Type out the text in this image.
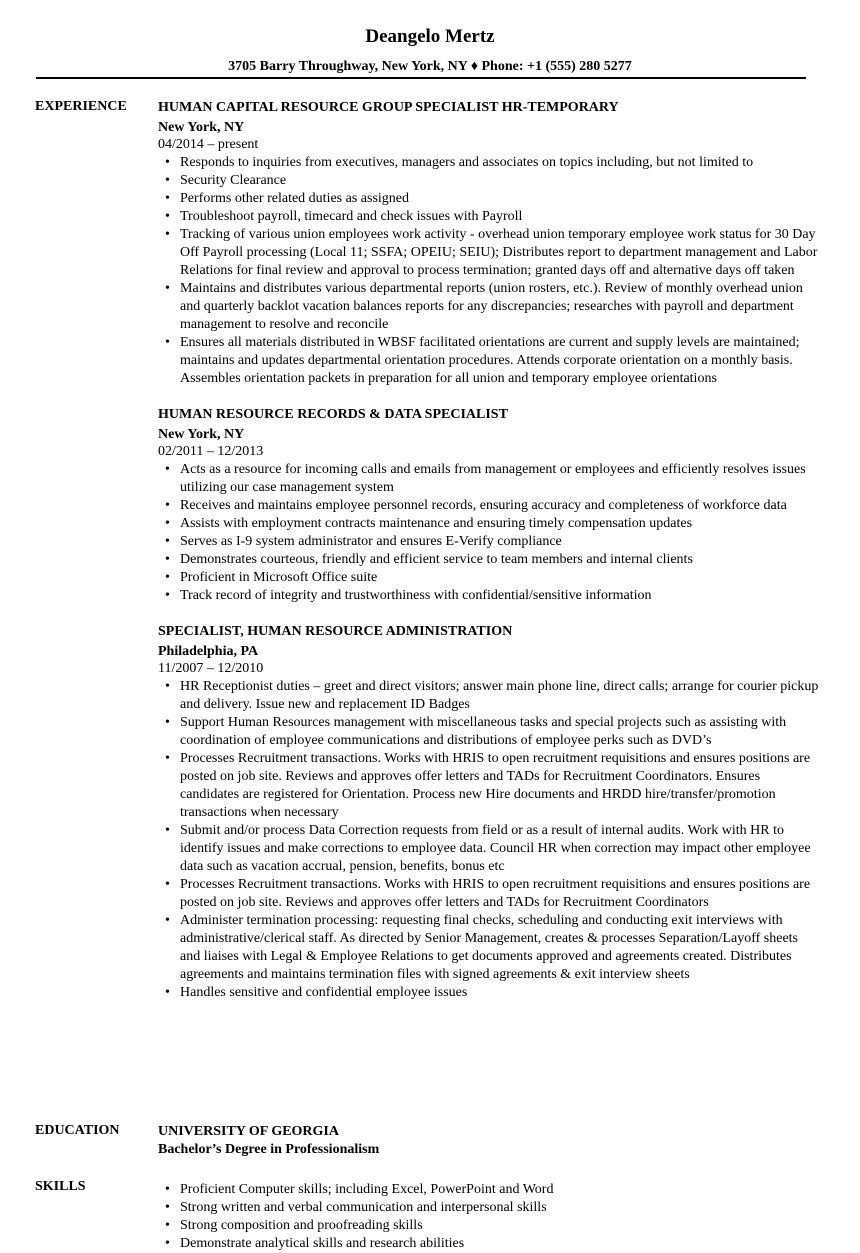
Deangelo Mertz
3705 Barry Throughway, New York, NY ♦ Phone: +1 (555) 280 5277
EXPERIENCE HUMAN CAPITAL RESOURCE GROUP SPECIALIST HR-TEMPORARY
New York, NY
04/2014 – present
• Responds to inquiries from executives, managers and associates on topics including, but not limited to
• Security Clearance
• Performs other related duties as assigned
• Troubleshoot payroll, timecard and check issues with Payroll
• Tracking of various union employees work activity - overhead union temporary employee work status for 30 Day Off Payroll processing (Local 11; SSFA; OPEIU; SEIU); Distributes report to department management and Labor Relations for final review and approval to process termination; granted days off and alternative days off taken
• Maintains and distributes various departmental reports (union rosters, etc.). Review of monthly overhead union and quarterly backlot vacation balances reports for any discrepancies; researches with payroll and department management to resolve and reconcile
• Ensures all materials distributed in WBSF facilitated orientations are current and supply levels are maintained; maintains and updates departmental orientation procedures. Attends corporate orientation on a monthly basis. Assembles orientation packets in preparation for all union and temporary employee orientations
HUMAN RESOURCE RECORDS & DATA SPECIALIST
New York, NY
02/2011 – 12/2013
• Acts as a resource for incoming calls and emails from management or employees and efficiently resolves issues utilizing our case management system
• Receives and maintains employee personnel records, ensuring accuracy and completeness of workforce data
• Assists with employment contracts maintenance and ensuring timely compensation updates
• Serves as I-9 system administrator and ensures E-Verify compliance
• Demonstrates courteous, friendly and efficient service to team members and internal clients
• Proficient in Microsoft Office suite
• Track record of integrity and trustworthiness with confidential/sensitive information
SPECIALIST, HUMAN RESOURCE ADMINISTRATION
Philadelphia, PA
11/2007 – 12/2010
• HR Receptionist duties – greet and direct visitors; answer main phone line, direct calls; arrange for courier pickup and delivery. Issue new and replacement ID Badges
• Support Human Resources management with miscellaneous tasks and special projects such as assisting with coordination of employee communications and distributions of employee perks such as DVD’s
• Processes Recruitment transactions. Works with HRIS to open recruitment requisitions and ensures positions are posted on job site. Reviews and approves offer letters and TADs for Recruitment Coordinators. Ensures candidates are registered for Orientation. Process new Hire documents and HRDD hire/transfer/promotion transactions when necessary
• Submit and/or process Data Correction requests from field or as a result of internal audits. Work with HR to identify issues and make corrections to employee data. Council HR when correction may impact other employee data such as vacation accrual, pension, benefits, bonus etc
• Processes Recruitment transactions. Works with HRIS to open recruitment requisitions and ensures positions are posted on job site. Reviews and approves offer letters and TADs for Recruitment Coordinators
• Administer termination processing: requesting final checks, scheduling and conducting exit interviews with administrative/clerical staff. As directed by Senior Management, creates & processes Separation/Layoff sheets and liaises with Legal & Employee Relations to get documents approved and agreements created. Distributes agreements and maintains termination files with signed agreements & exit interview sheets
• Handles sensitive and confidential employee issues
EDUCATION	UNIVERSITY OF GEORGIA
Bachelor’s Degree in Professionalism
SKILLS	• Proficient Computer skills; including Excel, PowerPoint and Word
• Strong written and verbal communication and interpersonal skills
• Strong composition and proofreading skills
• Demonstrate analytical skills and research abilities
